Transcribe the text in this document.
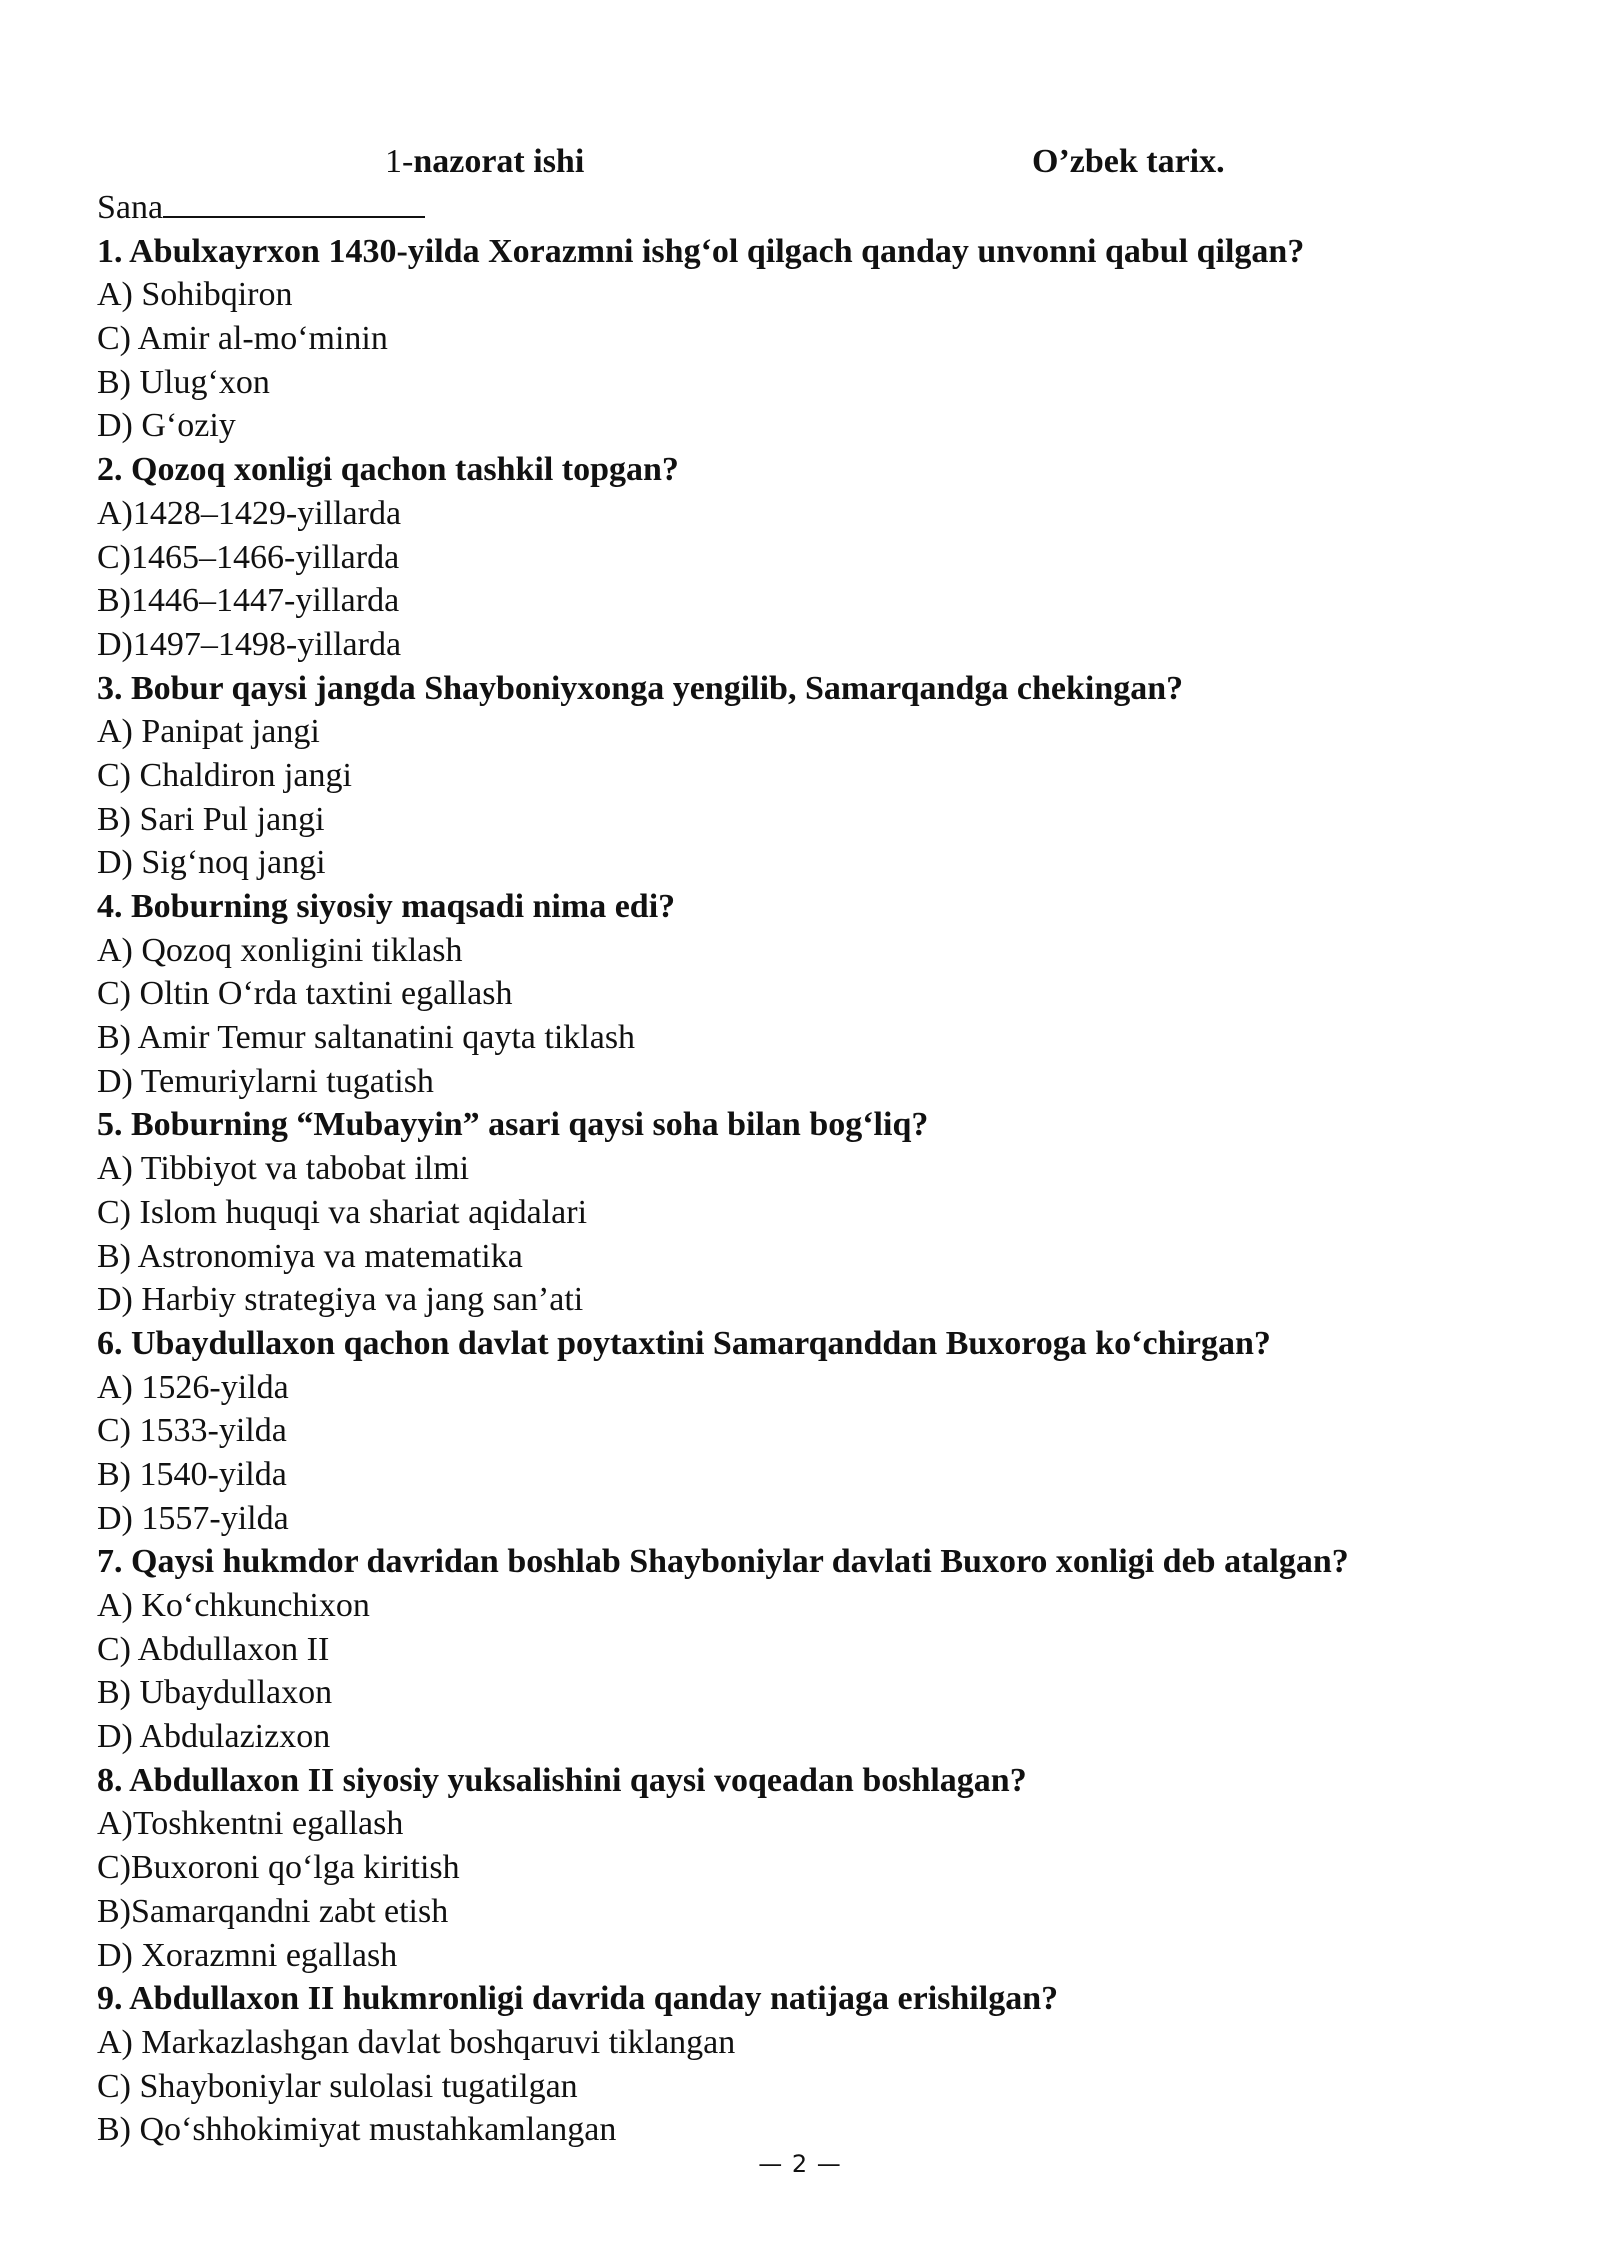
1-nazorat ishi	O’zbek tarix.
Sana
1. Abulxayrxon 1430-yilda Xorazmni ishg‘ol qilgach qanday unvonni qabul qilgan?
A) Sohibqiron
C) Amir al-mo‘minin
B) Ulug‘xon
D) G‘oziy
2. Qozoq xonligi qachon tashkil topgan?
A)1428–1429-yillarda
C)1465–1466-yillarda
B)1446–1447-yillarda
D)1497–1498-yillarda
3. Bobur qaysi jangda Shayboniyxonga yengilib, Samarqandga chekingan?
A) Panipat jangi
C) Chaldiron jangi
B) Sari Pul jangi
D) Sig‘noq jangi
4. Boburning siyosiy maqsadi nima edi?
A) Qozoq xonligini tiklash
C) Oltin O‘rda taxtini egallash
B) Amir Temur saltanatini qayta tiklash
D) Temuriylarni tugatish
5. Boburning “Mubayyin” asari qaysi soha bilan bog‘liq?
A) Tibbiyot va tabobat ilmi
C) Islom huquqi va shariat aqidalari
B) Astronomiya va matematika
D) Harbiy strategiya va jang san’ati
6. Ubaydullaxon qachon davlat poytaxtini Samarqanddan Buxoroga ko‘chirgan?
A) 1526-yilda
C) 1533-yilda
B) 1540-yilda
D) 1557-yilda
7. Qaysi hukmdor davridan boshlab Shayboniylar davlati Buxoro xonligi deb atalgan?
A) Ko‘chkunchixon
C) Abdullaxon II
B) Ubaydullaxon
D) Abdulazizxon
8. Abdullaxon II siyosiy yuksalishini qaysi voqeadan boshlagan?
A)Toshkentni egallash
C)Buxoroni qo‘lga kiritish
B)Samarqandni zabt etish
D) Xorazmni egallash
9. Abdullaxon II hukmronligi davrida qanday natijaga erishilgan?
A) Markazlashgan davlat boshqaruvi tiklangan
C) Shayboniylar sulolasi tugatilgan
B) Qo‘shhokimiyat mustahkamlangan
— 2 —
